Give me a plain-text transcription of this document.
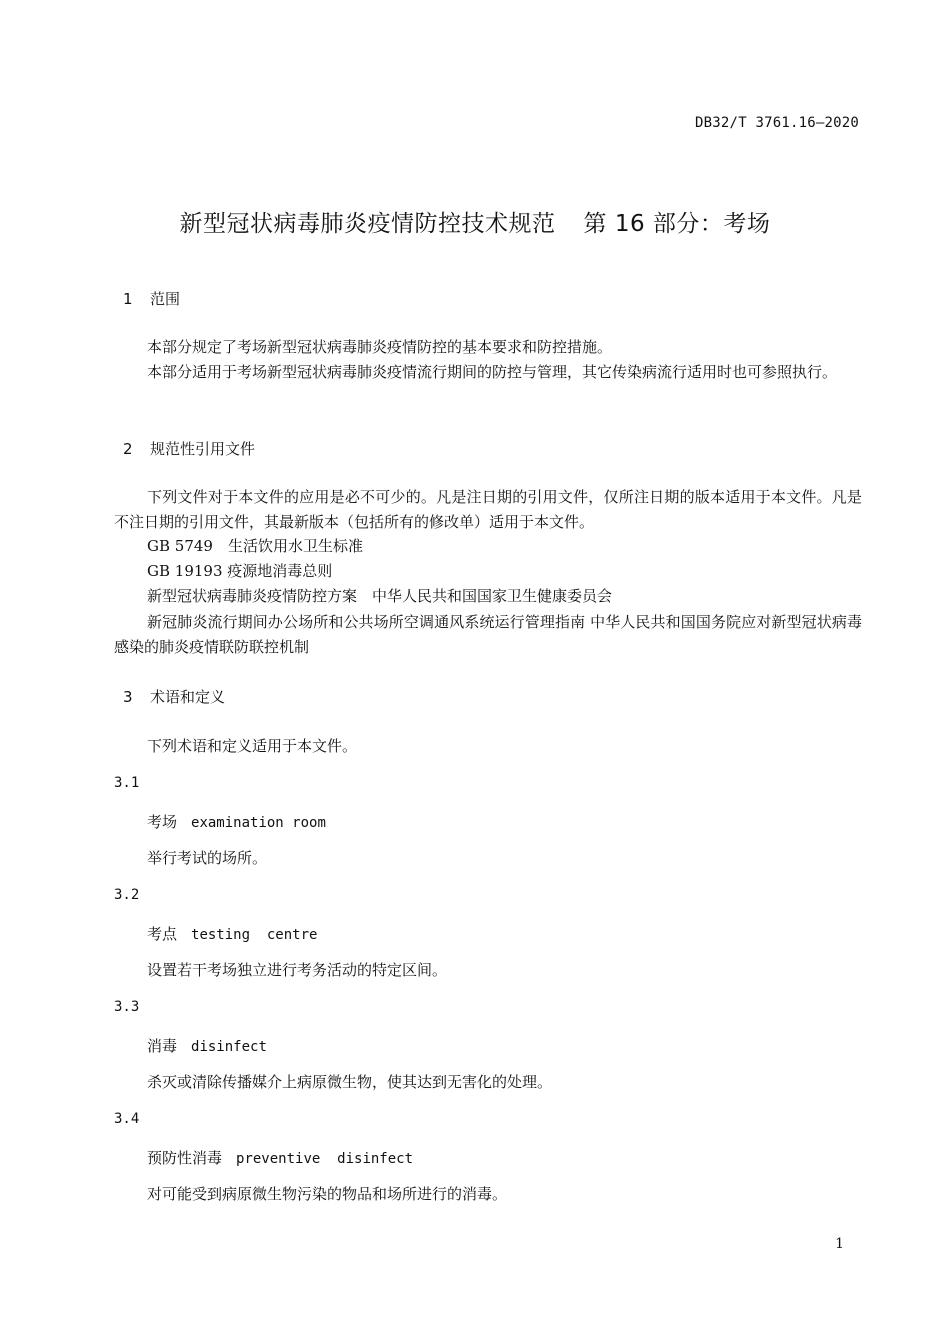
DB32/T 3761.16—2020
新型冠状病毒肺炎疫情防控技术规范 第 16 部分：考场
1 范围
本部分规定了考场新型冠状病毒肺炎疫情防控的基本要求和防控措施。
本部分适用于考场新型冠状病毒肺炎疫情流行期间的防控与管理，其它传染病流行适用时也可参照执行。
2 规范性引用文件
下列文件对于本文件的应用是必不可少的。凡是注日期的引用文件，仅所注日期的版本适用于本文件。凡是不注日期的引用文件，其最新版本（包括所有的修改单）适用于本文件。
GB 5749　生活饮用水卫生标准
GB 19193 疫源地消毒总则
新型冠状病毒肺炎疫情防控方案　中华人民共和国国家卫生健康委员会
新冠肺炎流行期间办公场所和公共场所空调通风系统运行管理指南 中华人民共和国国务院应对新型冠状病毒感染的肺炎疫情联防联控机制
3 术语和定义
下列术语和定义适用于本文件。
3.1
考场 examination room
举行考试的场所。
3.2
考点 testing  centre
设置若干考场独立进行考务活动的特定区间。
3.3
消毒 disinfect
杀灭或清除传播媒介上病原微生物，使其达到无害化的处理。
3.4
预防性消毒 preventive  disinfect
对可能受到病原微生物污染的物品和场所进行的消毒。
1
